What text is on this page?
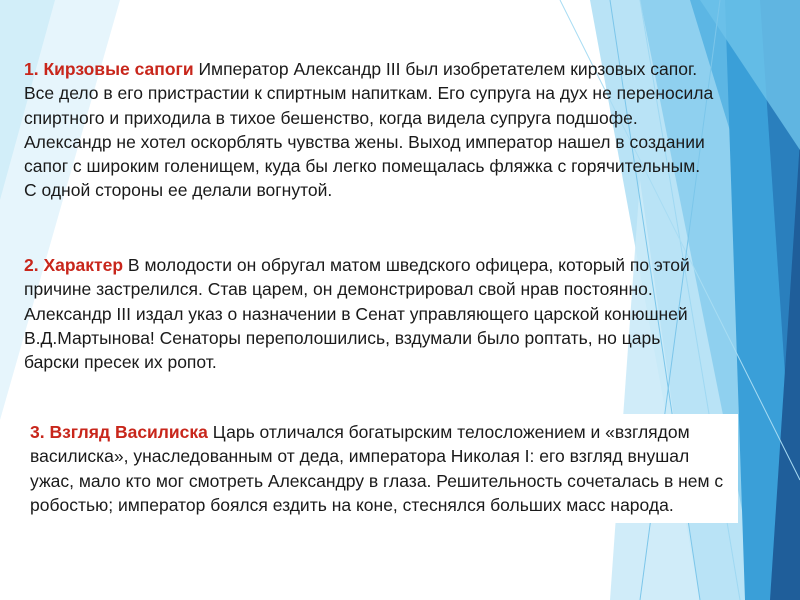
1. Кирзовые сапоги Император Александр III был изобретателем кирзовых сапог. Все дело в его пристрастии к спиртным напиткам. Его супруга на дух не переносила спиртного и приходила в тихое бешенство, когда видела супруга подшофе. Александр не хотел оскорблять чувства жены. Выход император нашел в создании сапог с широким голенищем, куда бы легко помещалась фляжка с горячительным. С одной стороны ее делали вогнутой.

2. Характер В молодости он обругал матом шведского офицера, который по этой причине застрелился. Став царем, он демонстрировал свой нрав постоянно. Александр III издал указ о назначении в Сенат управляющего царской конюшней В.Д.Мартынова! Сенаторы переполошились, вздумали было роптать, но царь барски пресек их ропот.

3. Взгляд Василиска Царь отличался богатырским телосложением и «взглядом василиска», унаследованным от деда, императора Николая I: его взгляд внушал ужас, мало кто мог смотреть Александру в глаза. Решительность сочеталась в нем с робостью; император боялся ездить на коне, стеснялся больших масс народа.
